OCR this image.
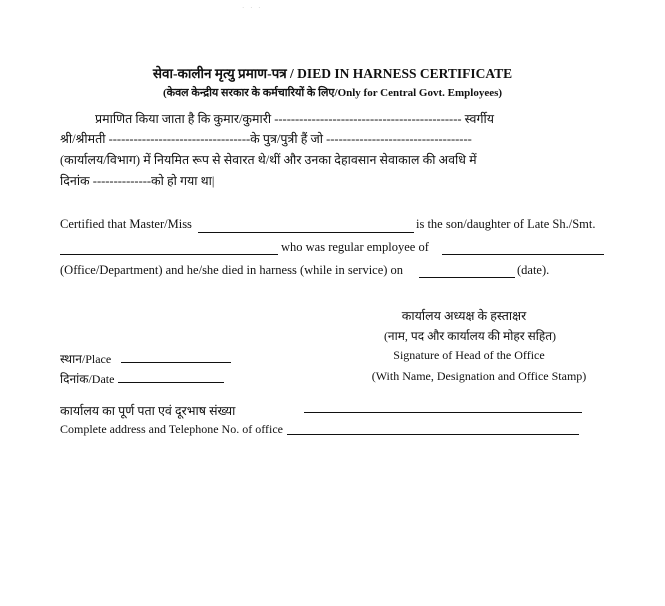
· · ·
सेवा-कालीन मृत्यु प्रमाण-पत्र / DIED IN HARNESS CERTIFICATE
(केवल केन्द्रीय सरकार के कर्मचारियों के लिए/Only for Central Govt. Employees)
प्रमाणित किया जाता है कि कुमार/कुमारी --------------------------------------------- स्वर्गीय
श्री/श्रीमती ----------------------------------के पुत्र/पुत्री हैं जो -----------------------------------
(कार्यालय/विभाग) में नियमित रूप से सेवारत थे/थीं और उनका देहावसान सेवाकाल की अवधि में
दिनांक --------------को हो गया था|
Certified that Master/Miss	is the son/daughter of Late Sh./Smt.
who was regular employee of
(Office/Department) and he/she died in harness (while in service) on	(date).
कार्यालय अध्यक्ष के हस्ताक्षर
(नाम, पद और कार्यालय की मोहर सहित)
Signature of Head of the Office
(With Name, Designation and Office Stamp)
स्थान/Place
दिनांक/Date
कार्यालय का पूर्ण पता एवं दूरभाष संख्या
Complete address and Telephone No. of office
